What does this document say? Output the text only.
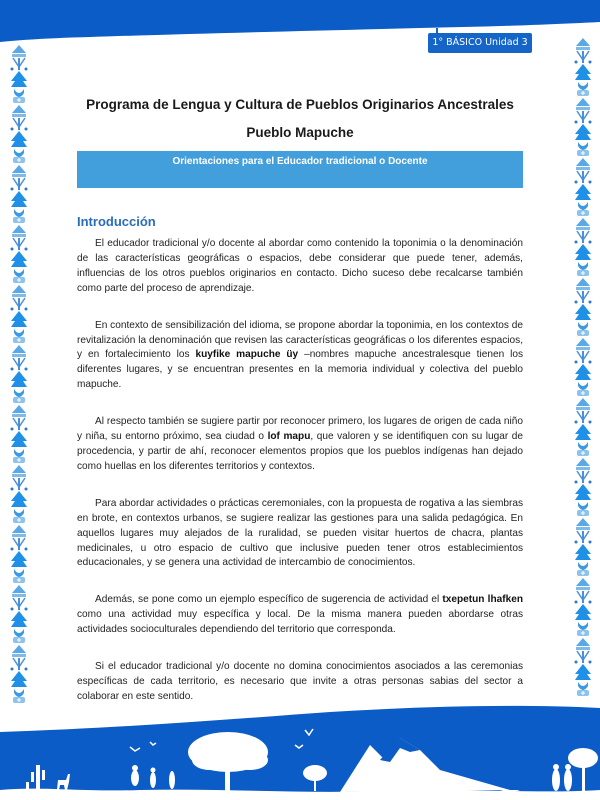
1° BÁSICO Unidad 3
Programa de Lengua y Cultura de Pueblos Originarios Ancestrales
Pueblo Mapuche
Orientaciones para el Educador tradicional o Docente
Introducción

El educador tradicional y/o docente al abordar como contenido la toponimia o la denominación de las características geográficas o espacios, debe considerar que puede tener, además, influencias de los otros pueblos originarios en contacto. Dicho suceso debe recalcarse también como parte del proceso de aprendizaje.

En contexto de sensibilización del idioma, se propone abordar la toponimia, en los contextos de revitalización la denominación que revisen las características geográficas o los diferentes espacios, y en fortalecimiento los kuyfike mapuche üy –nombres mapuche ancestralesque tienen los diferentes lugares, y se encuentran presentes en la memoria individual y colectiva del pueblo mapuche.

Al respecto también se sugiere partir por reconocer primero, los lugares de origen de cada niño y niña, su entorno próximo, sea ciudad o lof mapu, que valoren y se identifiquen con su lugar de procedencia, y partir de ahí, reconocer elementos propios que los pueblos indígenas han dejado como huellas en los diferentes territorios y contextos.

Para abordar actividades o prácticas ceremoniales, con la propuesta de rogativa a las siembras en brote, en contextos urbanos, se sugiere realizar las gestiones para una salida pedagógica. En aquellos lugares muy alejados de la ruralidad, se pueden visitar huertos de chacra, plantas medicinales, u otro espacio de cultivo que inclusive pueden tener otros establecimientos educacionales, y se genera una actividad de intercambio de conocimientos.

Además, se pone como un ejemplo específico de sugerencia de actividad el txepetun lhafken como una actividad muy específica y local. De la misma manera pueden abordarse otras actividades socioculturales dependiendo del territorio que corresponda.

Si el educador tradicional y/o docente no domina conocimientos asociados a las ceremonias específicas de cada territorio, es necesario que invite a otras personas sabias del sector a colaborar en este sentido.
